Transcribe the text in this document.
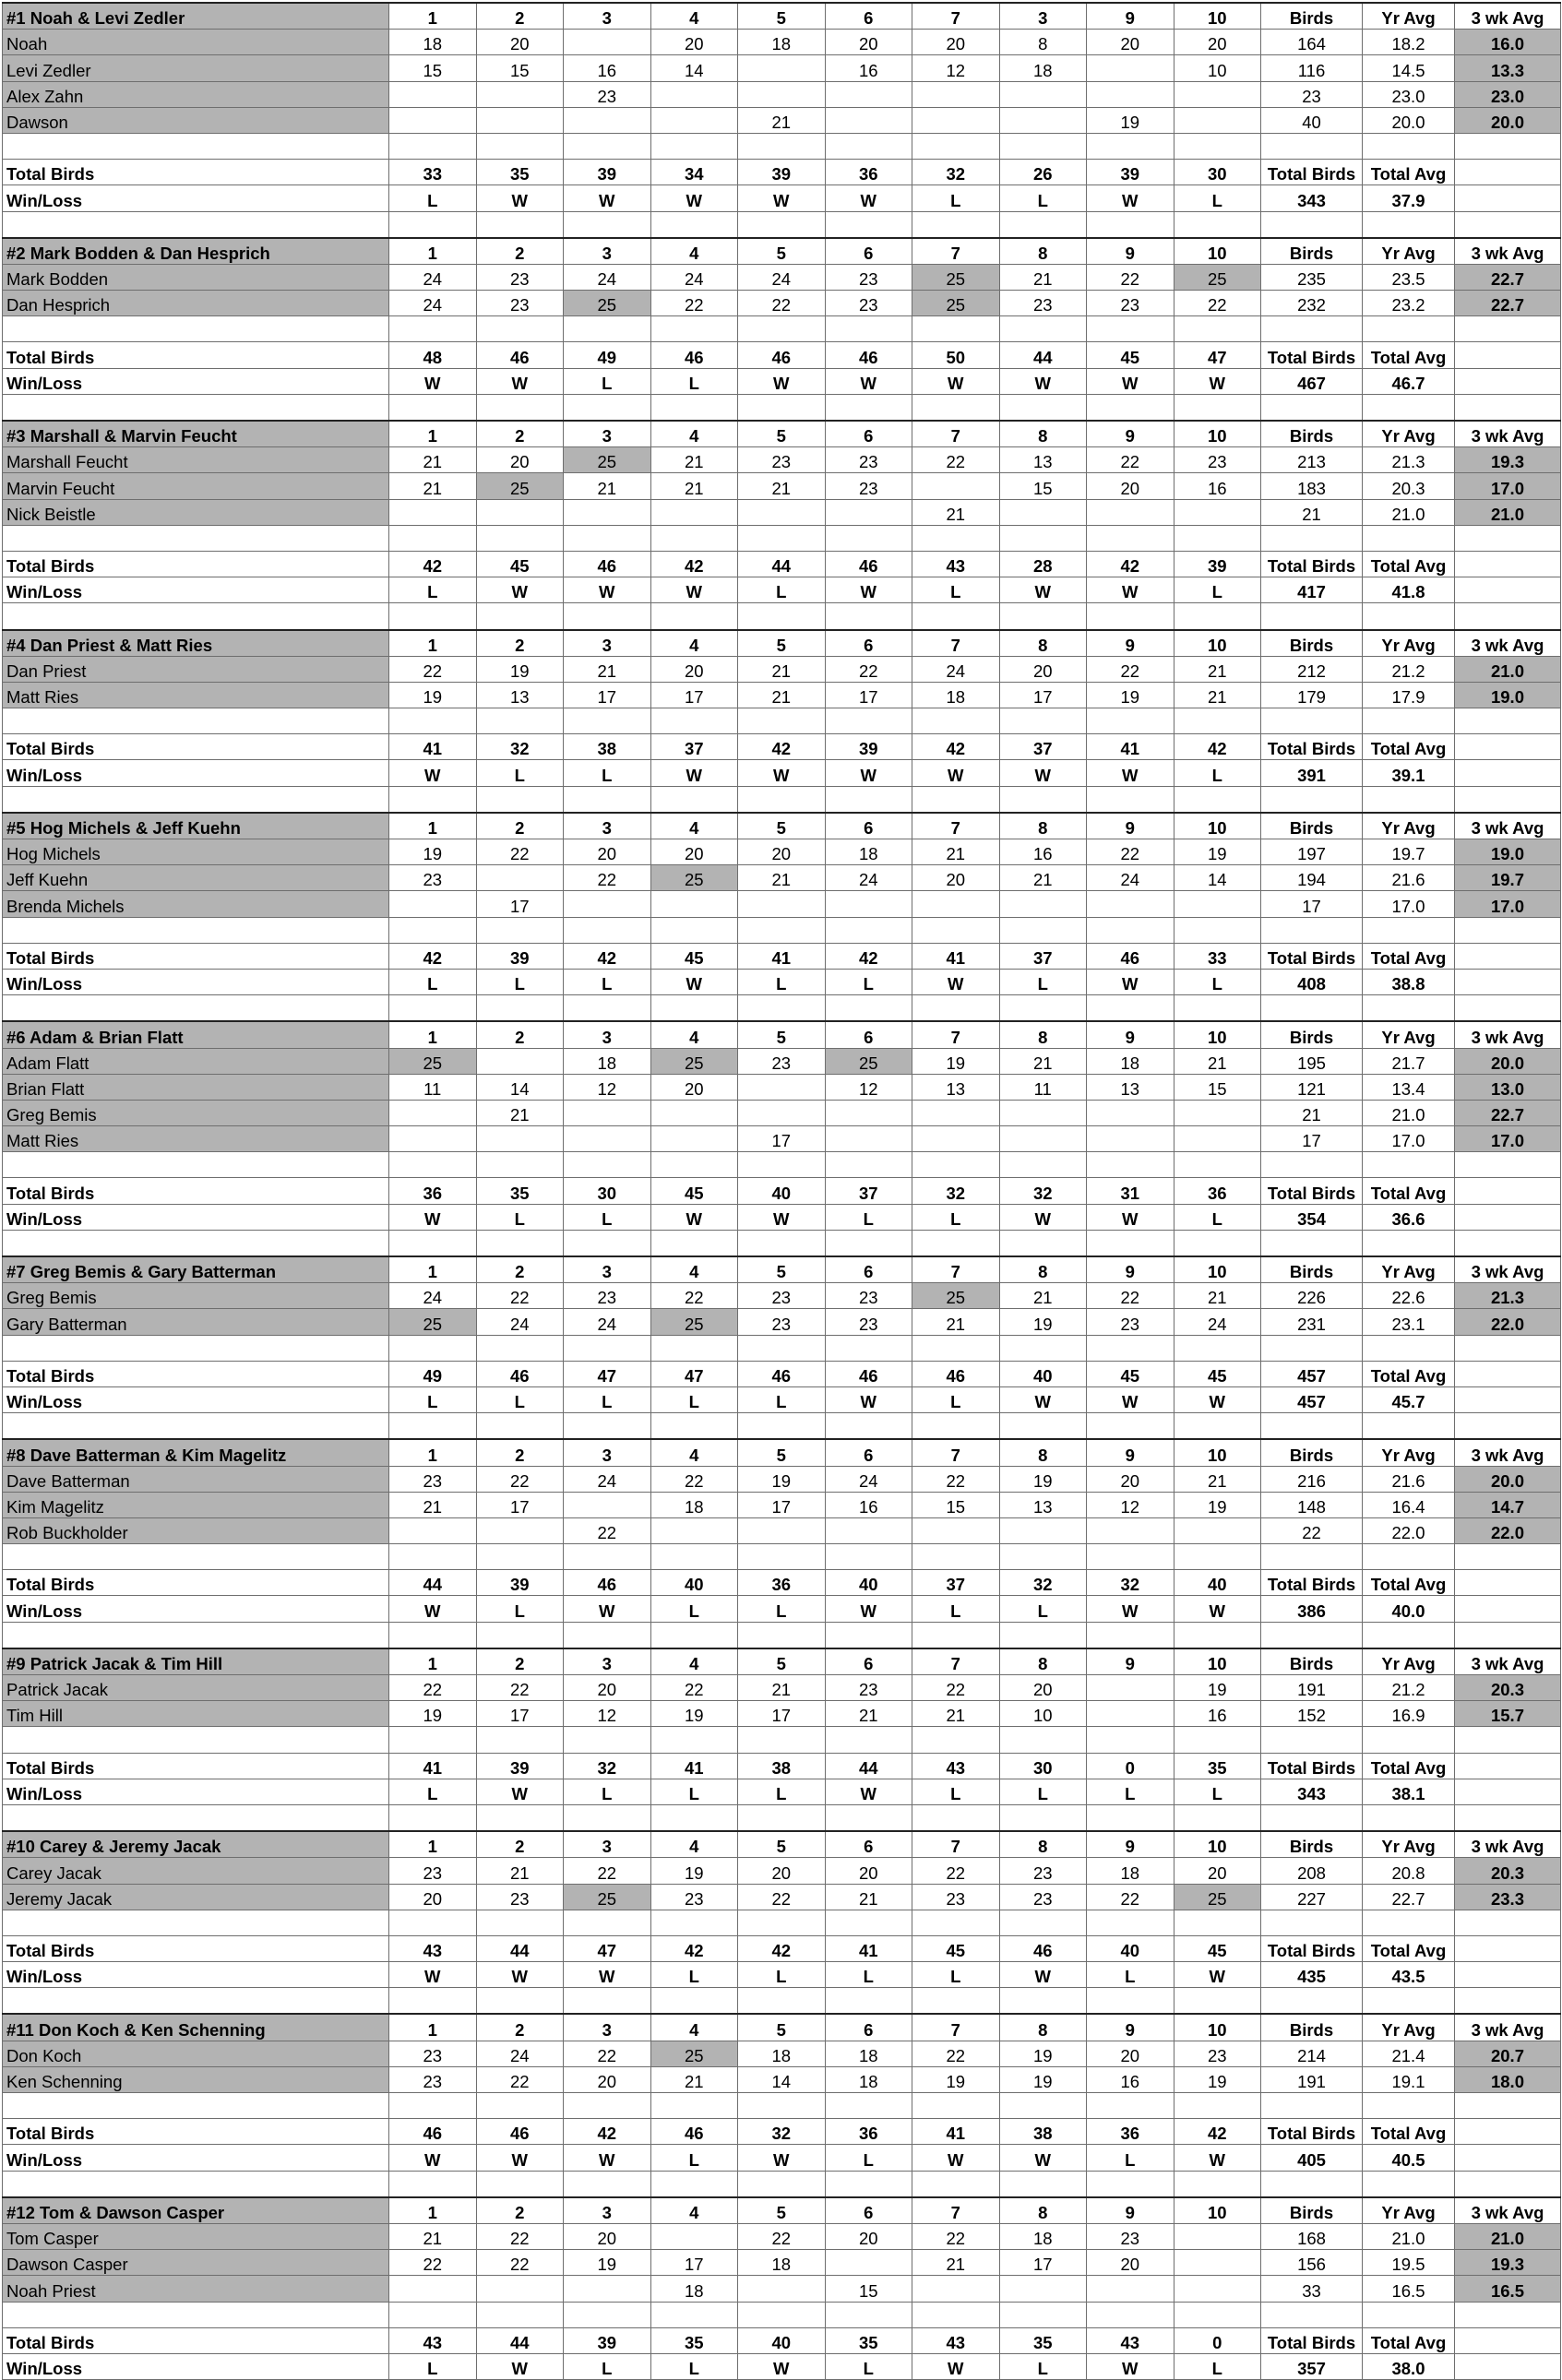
#1 Noah & Levi Zedler	1	2	3	4	5	6	7	3	9	10	Birds	Yr Avg	3 wk Avg
Noah	18	20		20	18	20	20	8	20	20	164	18.2	16.0
Levi Zedler	15	15	16	14		16	12	18		10	116	14.5	13.3
Alex Zahn			23								23	23.0	23.0
Dawson					21				19		40	20.0	20.0

Total Birds	33	35	39	34	39	36	32	26	39	30	Total Birds	Total Avg	
Win/Loss	L	W	W	W	W	W	L	L	W	L	343	37.9	

#2 Mark Bodden & Dan Hesprich	1	2	3	4	5	6	7	8	9	10	Birds	Yr Avg	3 wk Avg
Mark Bodden	24	23	24	24	24	23	25	21	22	25	235	23.5	22.7
Dan Hesprich	24	23	25	22	22	23	25	23	23	22	232	23.2	22.7

Total Birds	48	46	49	46	46	46	50	44	45	47	Total Birds	Total Avg	
Win/Loss	W	W	L	L	W	W	W	W	W	W	467	46.7	

#3 Marshall & Marvin Feucht	1	2	3	4	5	6	7	8	9	10	Birds	Yr Avg	3 wk Avg
Marshall Feucht	21	20	25	21	23	23	22	13	22	23	213	21.3	19.3
Marvin Feucht	21	25	21	21	21	23		15	20	16	183	20.3	17.0
Nick Beistle							21				21	21.0	21.0

Total Birds	42	45	46	42	44	46	43	28	42	39	Total Birds	Total Avg	
Win/Loss	L	W	W	W	L	W	L	W	W	L	417	41.8	

#4 Dan Priest & Matt Ries	1	2	3	4	5	6	7	8	9	10	Birds	Yr Avg	3 wk Avg
Dan Priest	22	19	21	20	21	22	24	20	22	21	212	21.2	21.0
Matt Ries	19	13	17	17	21	17	18	17	19	21	179	17.9	19.0

Total Birds	41	32	38	37	42	39	42	37	41	42	Total Birds	Total Avg	
Win/Loss	W	L	L	W	W	W	W	W	W	L	391	39.1	

#5 Hog Michels & Jeff Kuehn	1	2	3	4	5	6	7	8	9	10	Birds	Yr Avg	3 wk Avg
Hog Michels	19	22	20	20	20	18	21	16	22	19	197	19.7	19.0
Jeff Kuehn	23		22	25	21	24	20	21	24	14	194	21.6	19.7
Brenda Michels		17									17	17.0	17.0

Total Birds	42	39	42	45	41	42	41	37	46	33	Total Birds	Total Avg	
Win/Loss	L	L	L	W	L	L	W	L	W	L	408	38.8	

#6 Adam & Brian Flatt	1	2	3	4	5	6	7	8	9	10	Birds	Yr Avg	3 wk Avg
Adam Flatt	25		18	25	23	25	19	21	18	21	195	21.7	20.0
Brian Flatt	11	14	12	20		12	13	11	13	15	121	13.4	13.0
Greg Bemis		21									21	21.0	22.7
Matt Ries					17						17	17.0	17.0

Total Birds	36	35	30	45	40	37	32	32	31	36	Total Birds	Total Avg	
Win/Loss	W	L	L	W	W	L	L	W	W	L	354	36.6	

#7 Greg Bemis & Gary Batterman	1	2	3	4	5	6	7	8	9	10	Birds	Yr Avg	3 wk Avg
Greg Bemis	24	22	23	22	23	23	25	21	22	21	226	22.6	21.3
Gary Batterman	25	24	24	25	23	23	21	19	23	24	231	23.1	22.0

Total Birds	49	46	47	47	46	46	46	40	45	45	457	Total Avg	
Win/Loss	L	L	L	L	L	W	L	W	W	W	457	45.7	

#8 Dave Batterman & Kim Magelitz	1	2	3	4	5	6	7	8	9	10	Birds	Yr Avg	3 wk Avg
Dave Batterman	23	22	24	22	19	24	22	19	20	21	216	21.6	20.0
Kim Magelitz	21	17		18	17	16	15	13	12	19	148	16.4	14.7
Rob Buckholder			22								22	22.0	22.0

Total Birds	44	39	46	40	36	40	37	32	32	40	Total Birds	Total Avg	
Win/Loss	W	L	W	L	L	W	L	L	W	W	386	40.0	

#9 Patrick Jacak & Tim Hill	1	2	3	4	5	6	7	8	9	10	Birds	Yr Avg	3 wk Avg
Patrick Jacak	22	22	20	22	21	23	22	20		19	191	21.2	20.3
Tim Hill	19	17	12	19	17	21	21	10		16	152	16.9	15.7

Total Birds	41	39	32	41	38	44	43	30	0	35	Total Birds	Total Avg	
Win/Loss	L	W	L	L	L	W	L	L	L	L	343	38.1	

#10 Carey & Jeremy Jacak	1	2	3	4	5	6	7	8	9	10	Birds	Yr Avg	3 wk Avg
Carey Jacak	23	21	22	19	20	20	22	23	18	20	208	20.8	20.3
Jeremy Jacak	20	23	25	23	22	21	23	23	22	25	227	22.7	23.3

Total Birds	43	44	47	42	42	41	45	46	40	45	Total Birds	Total Avg	
Win/Loss	W	W	W	L	L	L	L	W	L	W	435	43.5	

#11 Don Koch & Ken Schenning	1	2	3	4	5	6	7	8	9	10	Birds	Yr Avg	3 wk Avg
Don Koch	23	24	22	25	18	18	22	19	20	23	214	21.4	20.7
Ken Schenning	23	22	20	21	14	18	19	19	16	19	191	19.1	18.0

Total Birds	46	46	42	46	32	36	41	38	36	42	Total Birds	Total Avg	
Win/Loss	W	W	W	L	W	L	W	W	L	W	405	40.5	

#12 Tom & Dawson Casper	1	2	3	4	5	6	7	8	9	10	Birds	Yr Avg	3 wk Avg
Tom Casper	21	22	20		22	20	22	18	23		168	21.0	21.0
Dawson Casper	22	22	19	17	18		21	17	20		156	19.5	19.3
Noah Priest				18		15					33	16.5	16.5

Total Birds	43	44	39	35	40	35	43	35	43	0	Total Birds	Total Avg	
Win/Loss	L	W	L	L	W	L	W	L	W	L	357	38.0	
